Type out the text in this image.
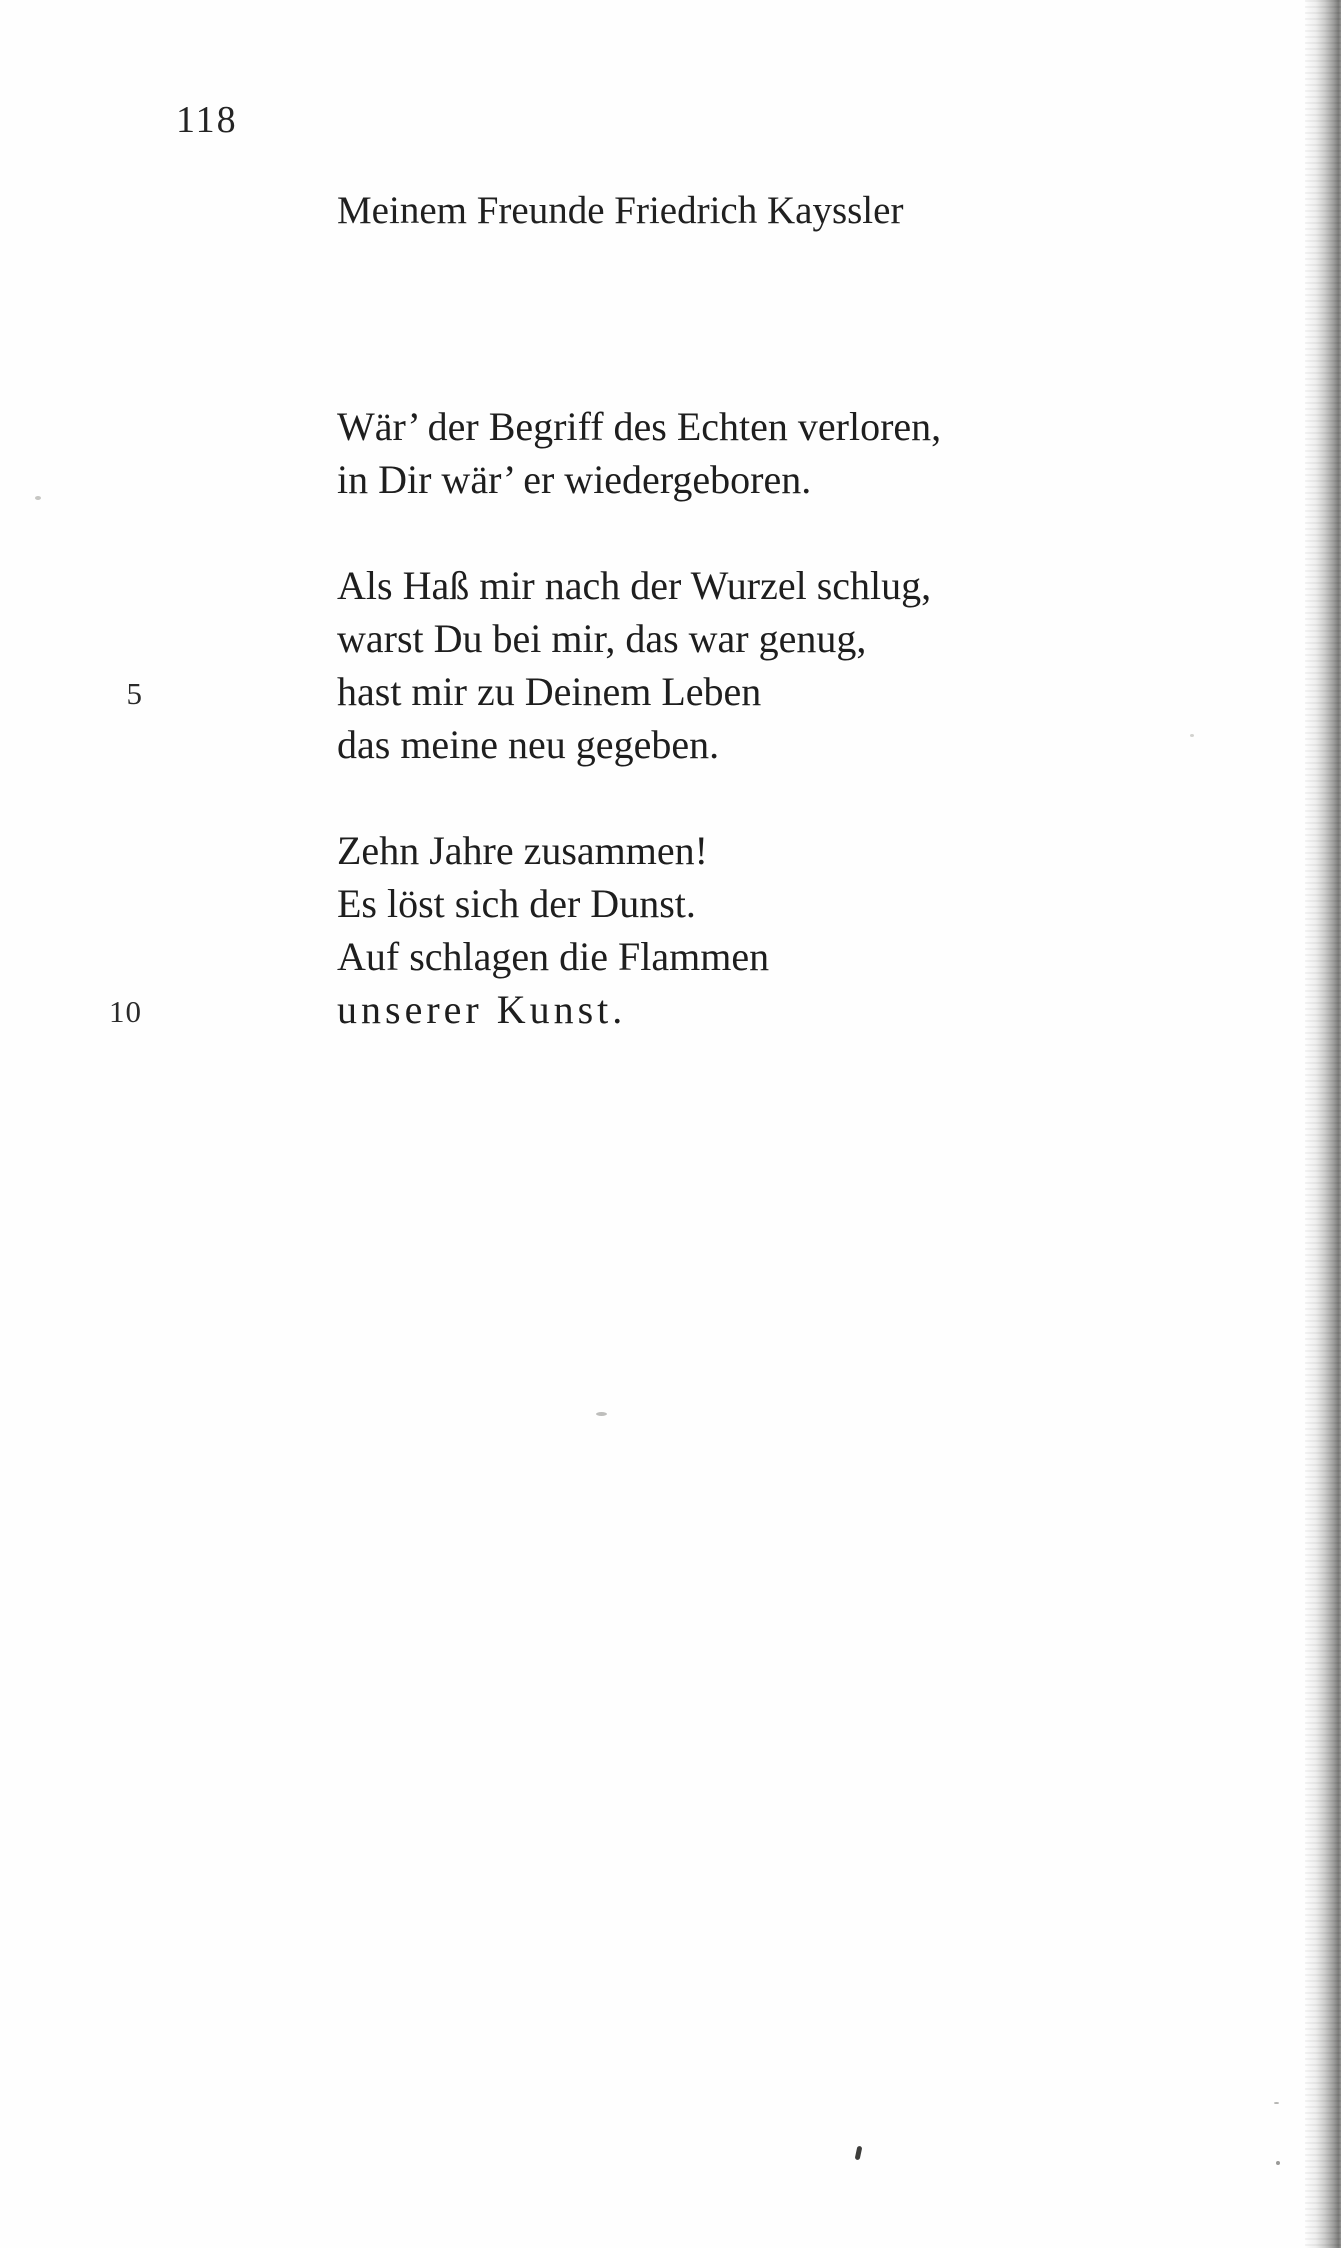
118
Meinem Freunde Friedrich Kayssler
5
10
Wär’ der Begriff des Echten verloren,
in Dir wär’ er wiedergeboren.
Als Haß mir nach der Wurzel schlug,
warst Du bei mir, das war genug,
hast mir zu Deinem Leben
das meine neu gegeben.
Zehn Jahre zusammen!
Es löst sich der Dunst.
Auf schlagen die Flammen
unserer Kunst.
